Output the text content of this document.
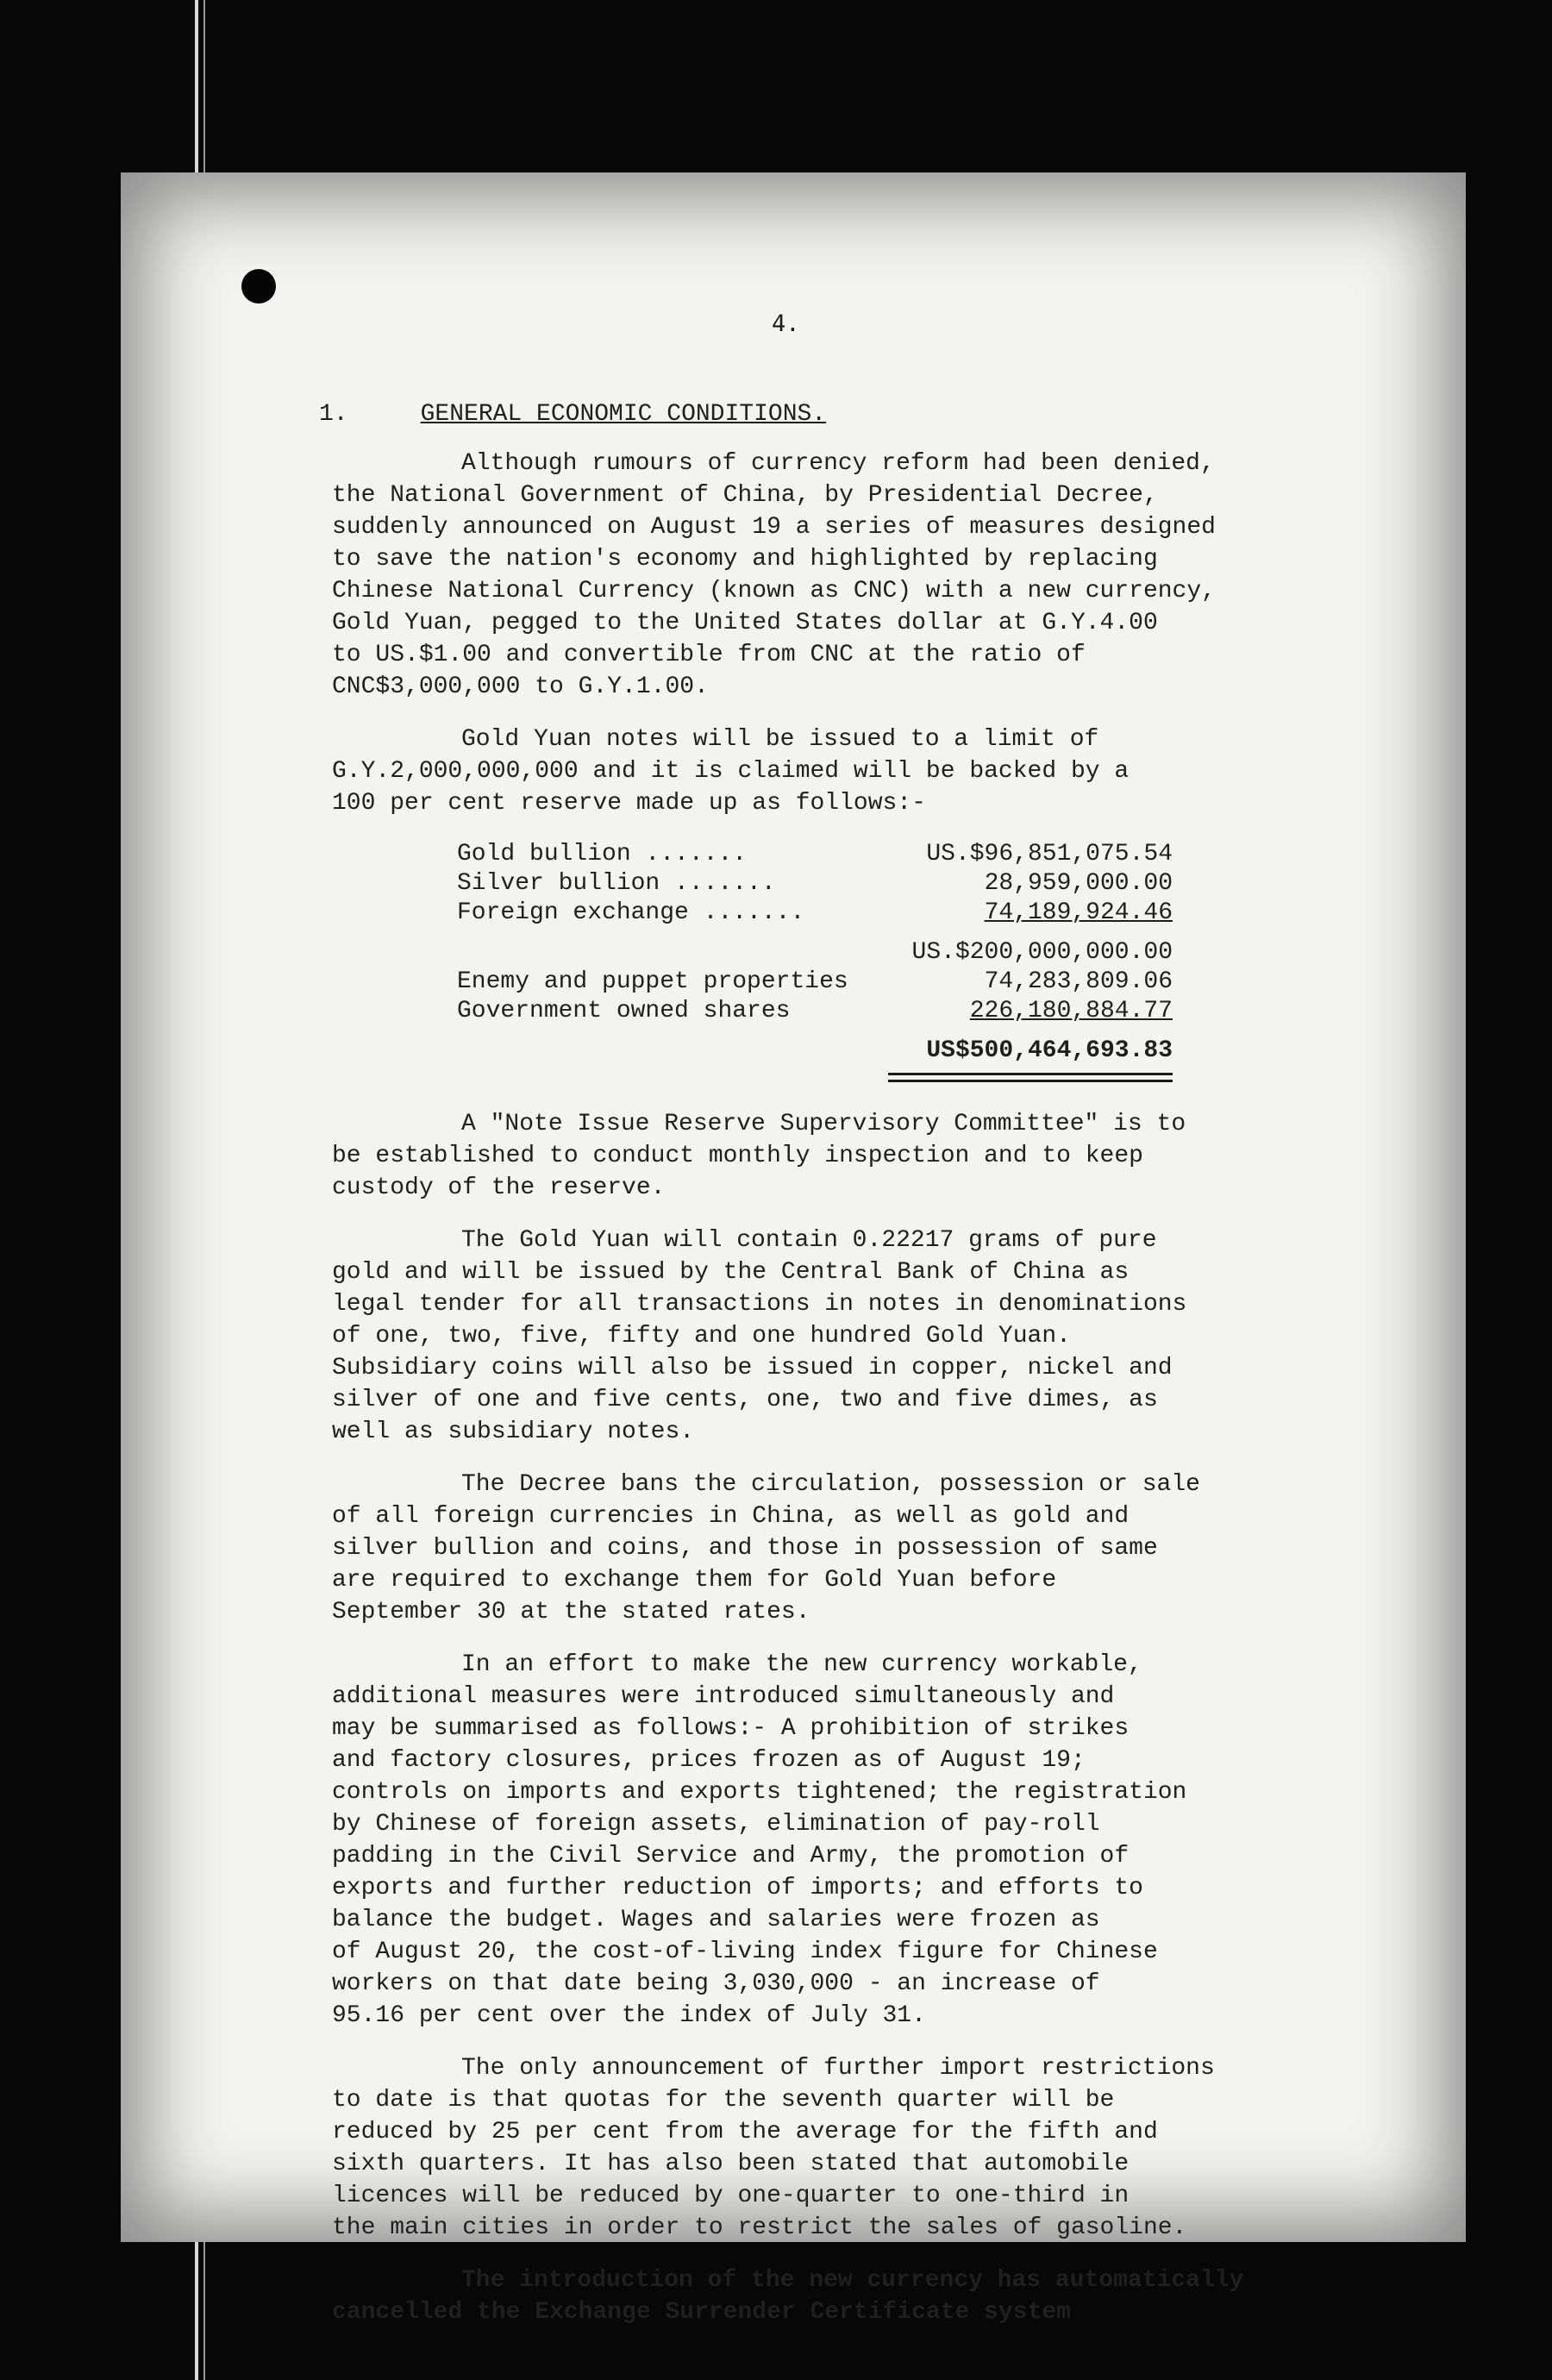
4.
1.	GENERAL ECONOMIC CONDITIONS.
Although rumours of currency reform had been denied,
the National Government of China, by Presidential Decree,
suddenly announced on August 19 a series of measures designed
to save the nation's economy and highlighted by replacing
Chinese National Currency (known as CNC) with a new currency,
Gold Yuan, pegged to the United States dollar at G.Y.4.00
to US.$1.00 and convertible from CNC at the ratio of
CNC$3,000,000 to G.Y.1.00.
Gold Yuan notes will be issued to a limit of
G.Y.2,000,000,000 and it is claimed will be backed by a
100 per cent reserve made up as follows:-
Gold bullion .......	US.$96,851,075.54
Silver bullion .......	28,959,000.00
Foreign exchange .......	74,189,924.46
US.$200,000,000.00
Enemy and puppet properties	74,283,809.06
Government owned shares	226,180,884.77
US$500,464,693.83
A "Note Issue Reserve Supervisory Committee" is to
be established to conduct monthly inspection and to keep
custody of the reserve.
The Gold Yuan will contain 0.22217 grams of pure
gold and will be issued by the Central Bank of China as
legal tender for all transactions in notes in denominations
of one, two, five, fifty and one hundred Gold Yuan.
Subsidiary coins will also be issued in copper, nickel and
silver of one and five cents, one, two and five dimes, as
well as subsidiary notes.
The Decree bans the circulation, possession or sale
of all foreign currencies in China, as well as gold and
silver bullion and coins, and those in possession of same
are required to exchange them for Gold Yuan before
September 30 at the stated rates.
In an effort to make the new currency workable,
additional measures were introduced simultaneously and
may be summarised as follows:- A prohibition of strikes
and factory closures, prices frozen as of August 19;
controls on imports and exports tightened; the registration
by Chinese of foreign assets, elimination of pay-roll
padding in the Civil Service and Army, the promotion of
exports and further reduction of imports; and efforts to
balance the budget. Wages and salaries were frozen as
of August 20, the cost-of-living index figure for Chinese
workers on that date being 3,030,000 - an increase of
95.16 per cent over the index of July 31.
The only announcement of further import restrictions
to date is that quotas for the seventh quarter will be
reduced by 25 per cent from the average for the fifth and
sixth quarters. It has also been stated that automobile
licences will be reduced by one-quarter to one-third in
the main cities in order to restrict the sales of gasoline.
The introduction of the new currency has automatically
cancelled the Exchange Surrender Certificate system
